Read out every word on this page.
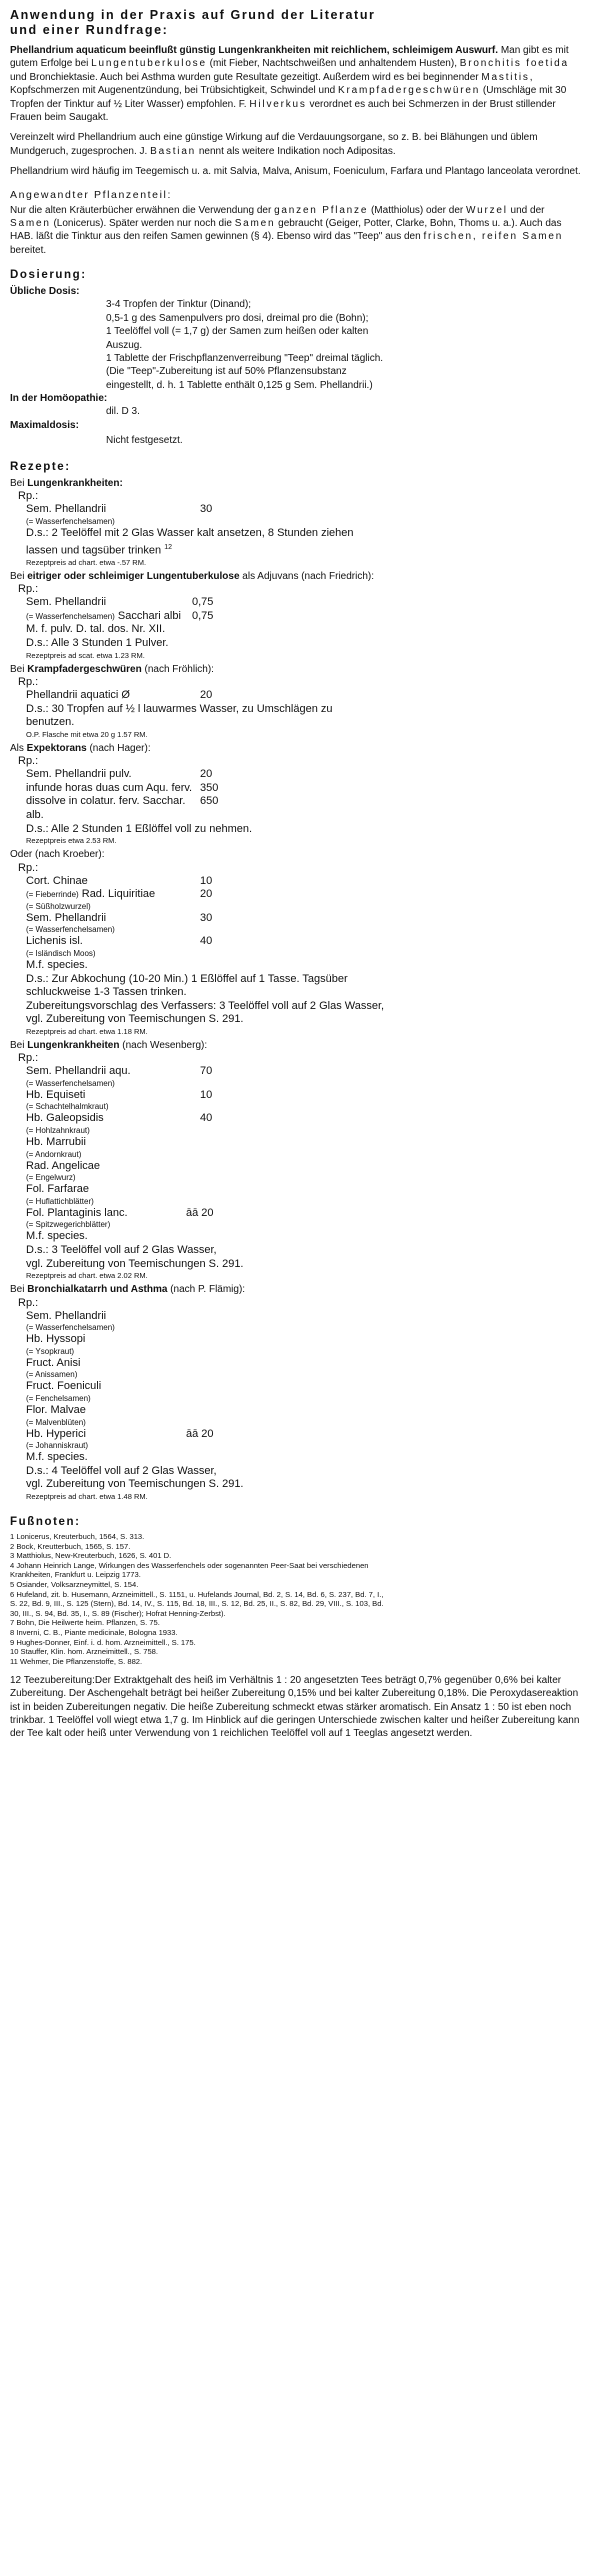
Anwendung in der Praxis auf Grund der Literatur
und einer Rundfrage:

Phellandrium aquaticum beeinflußt günstig Lungenkrankheiten mit reichlichem, schleimigem Auswurf. Man gibt es mit gutem Erfolge bei Lungentuberkulose (mit Fieber, Nachtschweißen und anhaltendem Husten), Bronchitis foetida und Bronchiektasie. Auch bei Asthma wurden gute Resultate gezeitigt. Außerdem wird es bei beginnender Mastitis, Kopfschmerzen mit Augenentzündung, bei Trübsichtigkeit, Schwindel und Krampfadergeschwüren (Umschläge mit 30 Tropfen der Tinktur auf ½ Liter Wasser) empfohlen. F. Hilverkus verordnet es auch bei Schmerzen in der Brust stillender Frauen beim Saugakt.

Vereinzelt wird Phellandrium auch eine günstige Wirkung auf die Verdauungsorgane, so z. B. bei Blähungen und üblem Mundgeruch, zugesprochen. J. Bastian nennt als weitere Indikation noch Adipositas.

Phellandrium wird häufig im Teegemisch u. a. mit Salvia, Malva, Anisum, Foeniculum, Farfara und Plantago lanceolata verordnet.

Angewandter Pflanzenteil:

Nur die alten Kräuterbücher erwähnen die Verwendung der ganzen Pflanze (Matthiolus) oder der Wurzel und der Samen (Lonicerus). Später werden nur noch die Samen gebraucht (Geiger, Potter, Clarke, Bohn, Thoms u. a.). Auch das HAB. läßt die Tinktur aus den reifen Samen gewinnen (§ 4). Ebenso wird das "Teep" aus den frischen, reifen Samen bereitet.

Dosierung:
Übliche Dosis:
3-4 Tropfen der Tinktur (Dinand);
0,5-1 g des Samenpulvers pro dosi, dreimal pro die (Bohn);
1 Teelöffel voll (= 1,7 g) der Samen zum heißen oder kalten
Auszug.
1 Tablette der Frischpflanzenverreibung "Teep" dreimal täglich.
(Die "Teep"-Zubereitung ist auf 50% Pflanzensubstanz
eingestellt, d. h. 1 Tablette enthält 0,125 g Sem. Phellandrii.)
In der Homöopathie:
dil. D 3.
Maximaldosis:
Nicht festgesetzt.
Rezepte:
Bei Lungenkrankheiten:
Rp.:
Sem. Phellandrii	30
(= Wasserfenchelsamen)
D.s.: 2 Teelöffel mit 2 Glas Wasser kalt ansetzen, 8 Stunden ziehen
lassen und tagsüber trinken $^{12}$
Rezeptpreis ad chart. etwa -.57 RM.
Bei eitriger oder schleimiger Lungentuberkulose als Adjuvans (nach Friedrich):
Rp.:
Sem. Phellandrii	0,75
(= Wasserfenchelsamen) Sacchari albi 0,75
M. f. pulv. D. tal. dos. Nr. XII.
D.s.: Alle 3 Stunden 1 Pulver.
Rezeptpreis ad scat. etwa 1.23 RM.
Bei Krampfadergeschwüren (nach Fröhlich):
Rp.:
Phellandrii aquatici Ø	20
D.s.: 30 Tropfen auf ½ l lauwarmes Wasser, zu Umschlägen zu
benutzen.
O.P. Flasche mit etwa 20 g 1.57 RM.
Als Expektorans (nach Hager):
Rp.:
Sem. Phellandrii pulv.	20
infunde horas duas cum Aqu. ferv. 350
dissolve in colatur. ferv. Sacchar. 650
alb.
D.s.: Alle 2 Stunden 1 Eßlöffel voll zu nehmen.
Rezeptpreis etwa 2.53 RM.
Oder (nach Kroeber):
Rp.:
Cort. Chinae	10
(= Fieberrinde) Rad. Liquiritiae	20
(= Süßholzwurzel)
Sem. Phellandrii	30
(= Wasserfenchelsamen)
Lichenis isl.	40
(= Isländisch Moos)
M.f. species.
D.s.: Zur Abkochung (10-20 Min.) 1 Eßlöffel auf 1 Tasse. Tagsüber
schluckweise 1-3 Tassen trinken.
Zubereitungsvorschlag des Verfassers: 3 Teelöffel voll auf 2 Glas Wasser,
vgl. Zubereitung von Teemischungen S. 291.
Rezeptpreis ad chart. etwa 1.18 RM.
Bei Lungenkrankheiten (nach Wesenberg):
Rp.:
Sem. Phellandrii aqu.	70
(= Wasserfenchelsamen)
Hb. Equiseti	10
(= Schachtelhalmkraut)
Hb. Galeopsidis	40
(= Hohlzahnkraut)
Hb. Marrubii
(= Andornkraut)
Rad. Angelicae
(= Engelwurz)
Fol. Farfarae
(= Huflattichblätter)
Fol. Plantaginis lanc.	āā 20
(= Spitzwegerichblätter)
M.f. species.
D.s.: 3 Teelöffel voll auf 2 Glas Wasser,
vgl. Zubereitung von Teemischungen S. 291.
Rezeptpreis ad chart. etwa 2.02 RM.
Bei Bronchialkatarrh und Asthma (nach P. Flämig):
Rp.:
Sem. Phellandrii
(= Wasserfenchelsamen)
Hb. Hyssopi
(= Ysopkraut)
Fruct. Anisi
(= Anissamen)
Fruct. Foeniculi
(= Fenchelsamen)
Flor. Malvae
(= Malvenblüten)
Hb. Hyperici	āā 20
(= Johanniskraut)
M.f. species.
D.s.: 4 Teelöffel voll auf 2 Glas Wasser,
vgl. Zubereitung von Teemischungen S. 291.
Rezeptpreis ad chart. etwa 1.48 RM.
Fußnoten:
1 Lonicerus, Kreuterbuch, 1564, S. 313.
2 Bock, Kreutterbuch, 1565, S. 157.
3 Matthiolus, New-Kreuterbuch, 1626, S. 401 D.
4 Johann Heinrich Lange, Wirkungen des Wasserfenchels oder sogenannten Peer-Saat bei verschiedenen
Krankheiten, Frankfurt u. Leipzig 1773.
5 Osiander, Volksarzneymittel, S. 154.
6 Hufeland, zit. b. Husemann, Arzneimittell., S. 1151, u. Hufelands Journal, Bd. 2, S. 14, Bd. 6, S. 237, Bd. 7, I.,
S. 22, Bd. 9, III., S. 125 (Stern), Bd. 14, IV., S. 115, Bd. 18, III., S. 12, Bd. 25, II., S. 82, Bd. 29, VIII., S. 103, Bd.
30, III., S. 94, Bd. 35, I., S. 89 (Fischer); Hofrat Henning-Zerbst).
7 Bohn, Die Heilwerte heim. Pflanzen, S. 75.
8 Inverni, C. B., Piante medicinale, Bologna 1933.
9 Hughes-Donner, Einf. i. d. hom. Arzneimittell., S. 175.
10 Stauffer, Klin. hom. Arzneimittell., S. 758.
11 Wehmer, Die Pflanzenstoffe, S. 882.

12 Teezubereitung:Der Extraktgehalt des heiß im Verhältnis 1 : 20 angesetzten Tees beträgt 0,7% gegenüber 0,6% bei kalter Zubereitung. Der Aschengehalt beträgt bei heißer Zubereitung 0,15% und bei kalter Zubereitung 0,18%. Die Peroxydasereaktion ist in beiden Zubereitungen negativ. Die heiße Zubereitung schmeckt etwas stärker aromatisch. Ein Ansatz 1 : 50 ist eben noch trinkbar. 1 Teelöffel voll wiegt etwa 1,7 g. Im Hinblick auf die geringen Unterschiede zwischen kalter und heißer Zubereitung kann der Tee kalt oder heiß unter Verwendung von 1 reichlichen Teelöffel voll auf 1 Teeglas angesetzt werden.
